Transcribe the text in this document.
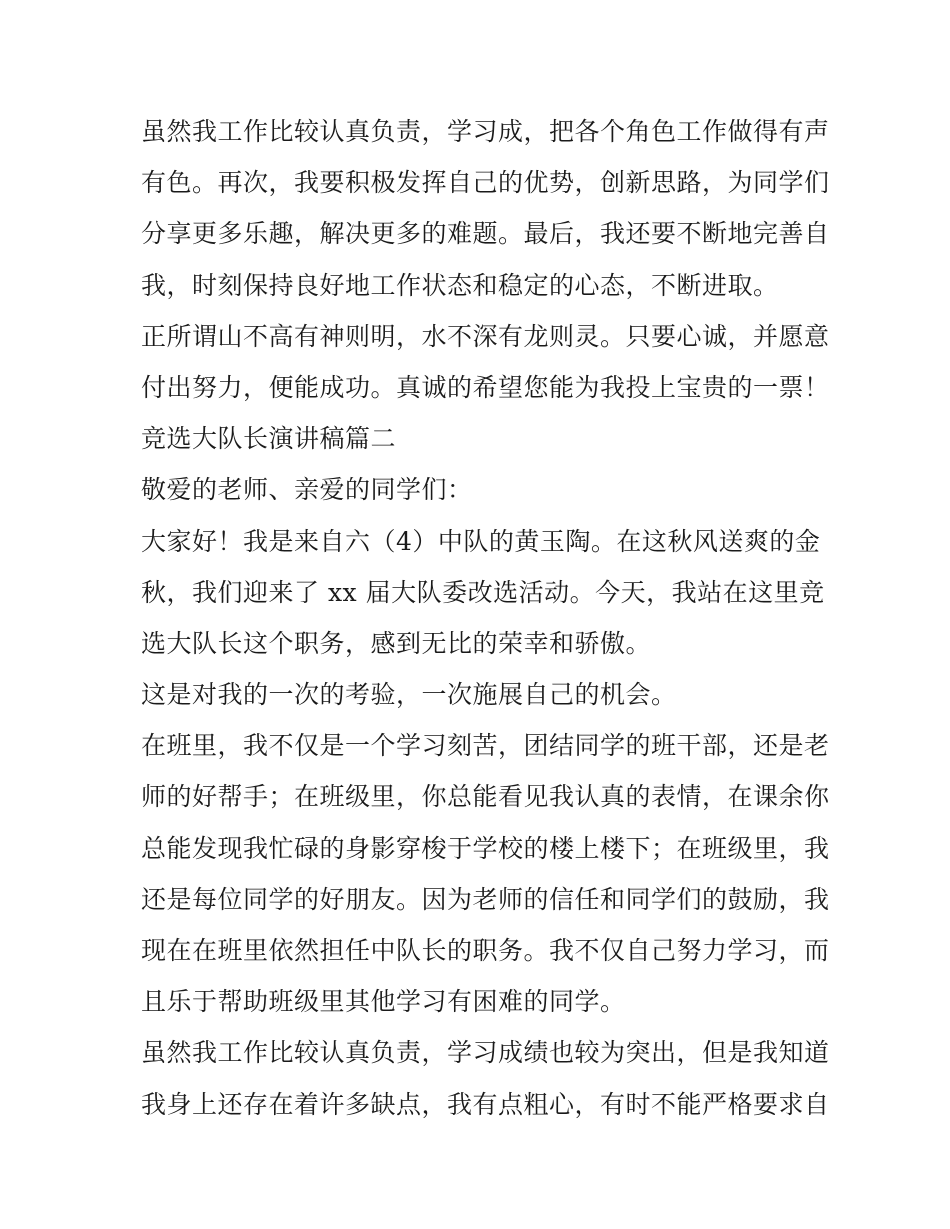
虽然我工作比较认真负责，学习成，把各个角色工作做得有声
有色。再次，我要积极发挥自己的优势，创新思路，为同学们
分享更多乐趣，解决更多的难题。最后，我还要不断地完善自
我，时刻保持良好地工作状态和稳定的心态，不断进取。
正所谓山不高有神则明，水不深有龙则灵。只要心诚，并愿意
付出努力，便能成功。真诚的希望您能为我投上宝贵的一票！
竞选大队长演讲稿篇二
敬爱的老师、亲爱的同学们：
大家好！我是来自六（4）中队的黄玉陶。在这秋风送爽的金
秋，我们迎来了 xx 届大队委改选活动。今天，我站在这里竞
选大队长这个职务，感到无比的荣幸和骄傲。
这是对我的一次的考验，一次施展自己的机会。
在班里，我不仅是一个学习刻苦，团结同学的班干部，还是老
师的好帮手；在班级里，你总能看见我认真的表情，在课余你
总能发现我忙碌的身影穿梭于学校的楼上楼下；在班级里，我
还是每位同学的好朋友。因为老师的信任和同学们的鼓励，我
现在在班里依然担任中队长的职务。我不仅自己努力学习，而
且乐于帮助班级里其他学习有困难的同学。
虽然我工作比较认真负责，学习成绩也较为突出，但是我知道
我身上还存在着许多缺点，我有点粗心，有时不能严格要求自
